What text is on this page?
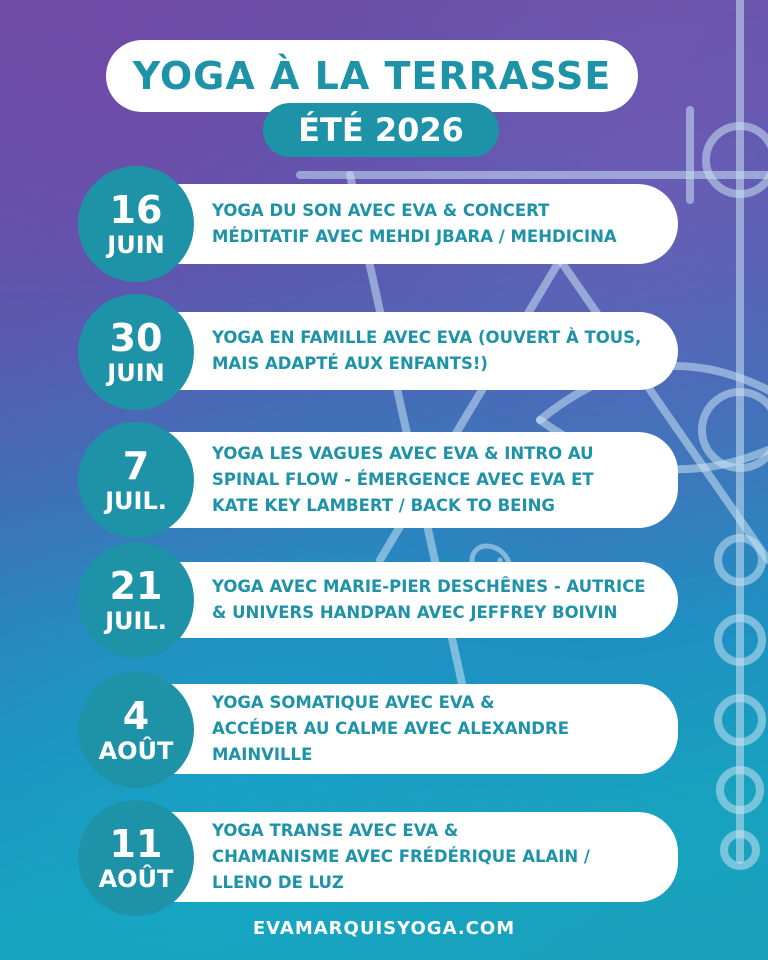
YOGA À LA TERRASSE
ÉTÉ 2026

YOGA DU SON AVEC EVA & CONCERT
MÉDITATIF AVEC MEHDI JBARA / MEHDICINA

16
JUIN

YOGA EN FAMILLE AVEC EVA (OUVERT À TOUS,
MAIS ADAPTÉ AUX ENFANTS!)

30
JUIN

YOGA LES VAGUES AVEC EVA & INTRO AU
SPINAL FLOW - ÉMERGENCE AVEC EVA ET
KATE KEY LAMBERT / BACK TO BEING

7
JUIL.

YOGA AVEC MARIE-PIER DESCHÊNES - AUTRICE
& UNIVERS HANDPAN AVEC JEFFREY BOIVIN

21
JUIL.

YOGA SOMATIQUE AVEC EVA &
ACCÉDER AU CALME AVEC ALEXANDRE
MAINVILLE

4
AOÛT

YOGA TRANSE AVEC EVA &
CHAMANISME AVEC FRÉDÉRIQUE ALAIN /
LLENO DE LUZ

11
AOÛT
EVAMARQUISYOGA.COM
